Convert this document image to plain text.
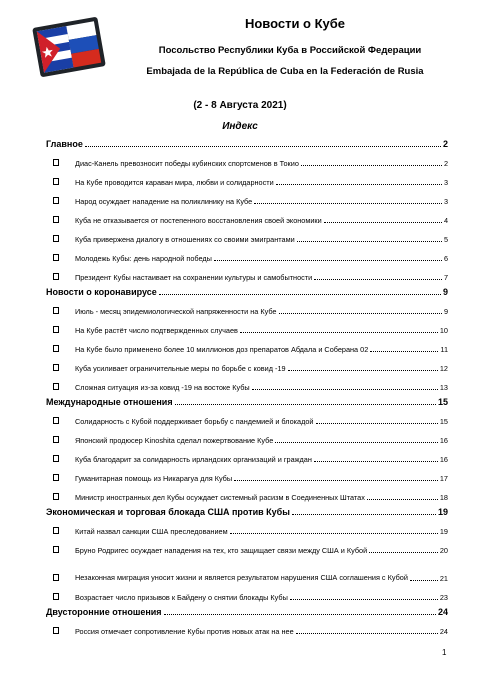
Новости о Кубе
Посольство Республики Куба в Российской Федерации
Embajada de la República de Cuba en la Federación de Rusia
(2 - 8 Августа 2021)
Индекс
Главное	2
Диас-Канель превозносит победы кубинских спортсменов в Токио	2
На Кубе проводится караван мира, любви и солидарности	3
Народ осуждает нападение на поликлинику на Кубе	3
Куба не отказывается от постепенного восстановления своей экономики	4
Куба привержена диалогу в отношениях со своими эмигрантами	5
Молодежь Кубы: день народной победы	6
Президент Кубы настаивает на сохранении культуры и самобытности	7
Новости о коронавирусе	9
Июль - месяц эпидемиологической напряженности на Кубе	9
На Кубе растёт число подтвержденных случаев	10
На Кубе было применено более 10 миллионов доз препаратов Абдала и Соберана 02	11
Куба усиливает ограничительные меры по борьбе с ковид -19	12
Сложная ситуация из-за ковид -19 на востоке Кубы	13
Международные отношения	15
Солидарность с Кубой поддерживает борьбу с пандемией и блокадой	15
Японский продюсер Kinoshita сделал пожертвование Кубе	16
Куба благодарит за солидарность ирландских организаций и граждан	16
Гуманитарная помощь из Никарагуа для Кубы	17
Министр иностранных дел Кубы осуждает системный расизм в Соединенных Штатах	18
Экономическая и торговая блокада США против Кубы	19
Китай назвал санкции США преследованием	19
Бруно Родригес осуждает нападения на тех, кто защищает связи между США и Кубой	20
Незаконная миграция уносит жизни и является результатом нарушения США соглашения с Кубой	21
Возрастает число призывов к Байдену о снятии блокады Кубы	23
Двусторонние отношения	24
Россия отмечает сопротивление Кубы против новых атак на нее	24
1
